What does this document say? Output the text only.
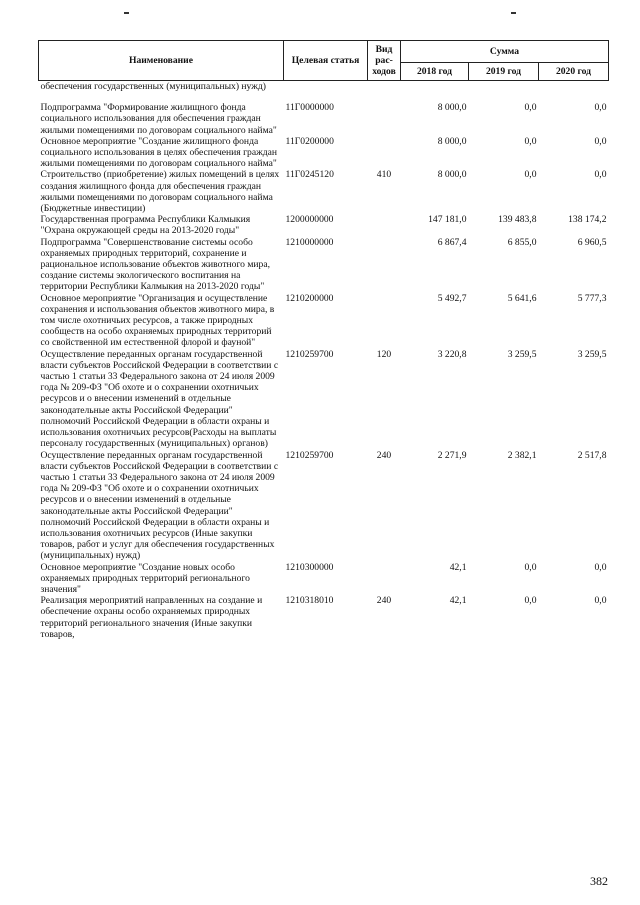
Наименование	Целевая статья	Вид рас-ходов	Сумма		
			2018 год	2019 год	2020 год
обеспечения государственных (муниципальных) нужд)					

Подпрограмма "Формирование жилищного фонда социального использования для обеспечения граждан жилыми помещениями по договорам социального найма"	11Г0000000		8 000,0	0,0	0,0
Основное мероприятие "Создание жилищного фонда социального использования в целях обеспечения граждан жилыми помещениями по договорам социального найма"	11Г0200000		8 000,0	0,0	0,0
Строительство (приобретение) жилых помещений в целях создания жилищного фонда для обеспечения граждан жилыми помещениями по договорам социального найма (Бюджетные инвестиции)	11Г0245120	410	8 000,0	0,0	0,0
Государственная программа Республики Калмыкия "Охрана окружающей среды на 2013-2020 годы"	1200000000		147 181,0	139 483,8	138 174,2
Подпрограмма "Совершенствование системы особо охраняемых природных территорий, сохранение и рациональное использование объектов животного мира, создание системы экологического воспитания на территории Республики Калмыкия на 2013-2020 годы"	1210000000		6 867,4	6 855,0	6 960,5
Основное мероприятие "Организация и осуществление сохранения и использования объектов животного мира, в том числе охотничьих ресурсов, а также природных сообществ на особо охраняемых природных территорий со свойственной им естественной флорой и фауной"	1210200000		5 492,7	5 641,6	5 777,3
Осуществление переданных органам государственной власти субъектов Российской Федерации в соответствии с частью 1 статьи 33 Федерального закона от 24 июля 2009 года № 209-ФЗ "Об охоте и о сохранении охотничьих ресурсов и о внесении изменений в отдельные законодательные акты Российской Федерации" полномочий Российской Федерации в области охраны и использования охотничьих ресурсов(Расходы на выплаты персоналу государственных (муниципальных) органов)	1210259700	120	3 220,8	3 259,5	3 259,5
Осуществление переданных органам государственной власти субъектов Российской Федерации в соответствии с частью 1 статьи 33 Федерального закона от 24 июля 2009 года № 209-ФЗ "Об охоте и о сохранении охотничьих ресурсов и о внесении изменений в отдельные законодательные акты Российской Федерации" полномочий Российской Федерации в области охраны и использования охотничьих ресурсов (Иные закупки товаров, работ и услуг для обеспечения государственных (муниципальных) нужд)	1210259700	240	2 271,9	2 382,1	2 517,8
Основное мероприятие "Создание новых особо охраняемых природных территорий регионального значения"	1210300000		42,1	0,0	0,0
Реализация мероприятий направленных на создание и обеспечение охраны особо охраняемых природных территорий регионального значения (Иные закупки товаров,	1210318010	240	42,1	0,0	0,0
382
